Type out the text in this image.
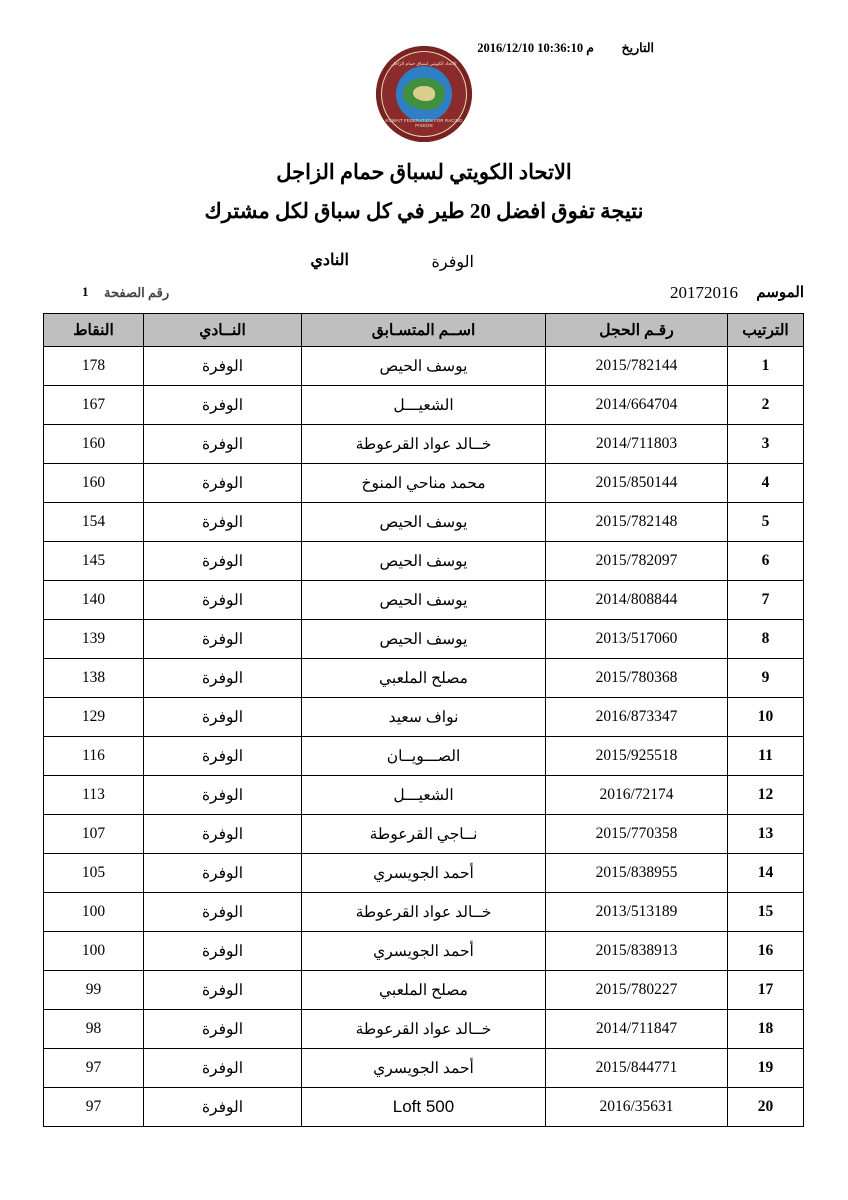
التاريخ
2016/12/10 10:36:10 م
الاتحاد الكويتي لسباق حمام الزاجل
KUWAIT FEDERATION FOR RACING PIGEON
الاتحاد الكويتي لسباق حمام الزاجل
نتيجة تفوق افضل 20 طير في كل سباق لكل مشترك
النادي	الوفرة
الموسم
20172016
رقم الصفحة
1
الترتيب	رقـم الحجل	اســم المتسـابق	النــادي	النقاط
1	2015/782144	يوسف الحيص	الوفرة	178
2	2014/664704	الشعيـــل	الوفرة	167
3	2014/711803	خــالد عواد القرعوطة	الوفرة	160
4	2015/850144	محمد مناحي المنوخ	الوفرة	160
5	2015/782148	يوسف الحيص	الوفرة	154
6	2015/782097	يوسف الحيص	الوفرة	145
7	2014/808844	يوسف الحيص	الوفرة	140
8	2013/517060	يوسف الحيص	الوفرة	139
9	2015/780368	مصلح الملعبي	الوفرة	138
10	2016/873347	نواف سعيد	الوفرة	129
11	2015/925518	الصـــويــان	الوفرة	116
12	2016/72174	الشعيـــل	الوفرة	113
13	2015/770358	نــاجي القرعوطة	الوفرة	107
14	2015/838955	أحمد الجويسري	الوفرة	105
15	2013/513189	خــالد عواد القرعوطة	الوفرة	100
16	2015/838913	أحمد الجويسري	الوفرة	100
17	2015/780227	مصلح الملعبي	الوفرة	99
18	2014/711847	خــالد عواد القرعوطة	الوفرة	98
19	2015/844771	أحمد الجويسري	الوفرة	97
20	2016/35631	Loft 500	الوفرة	97
